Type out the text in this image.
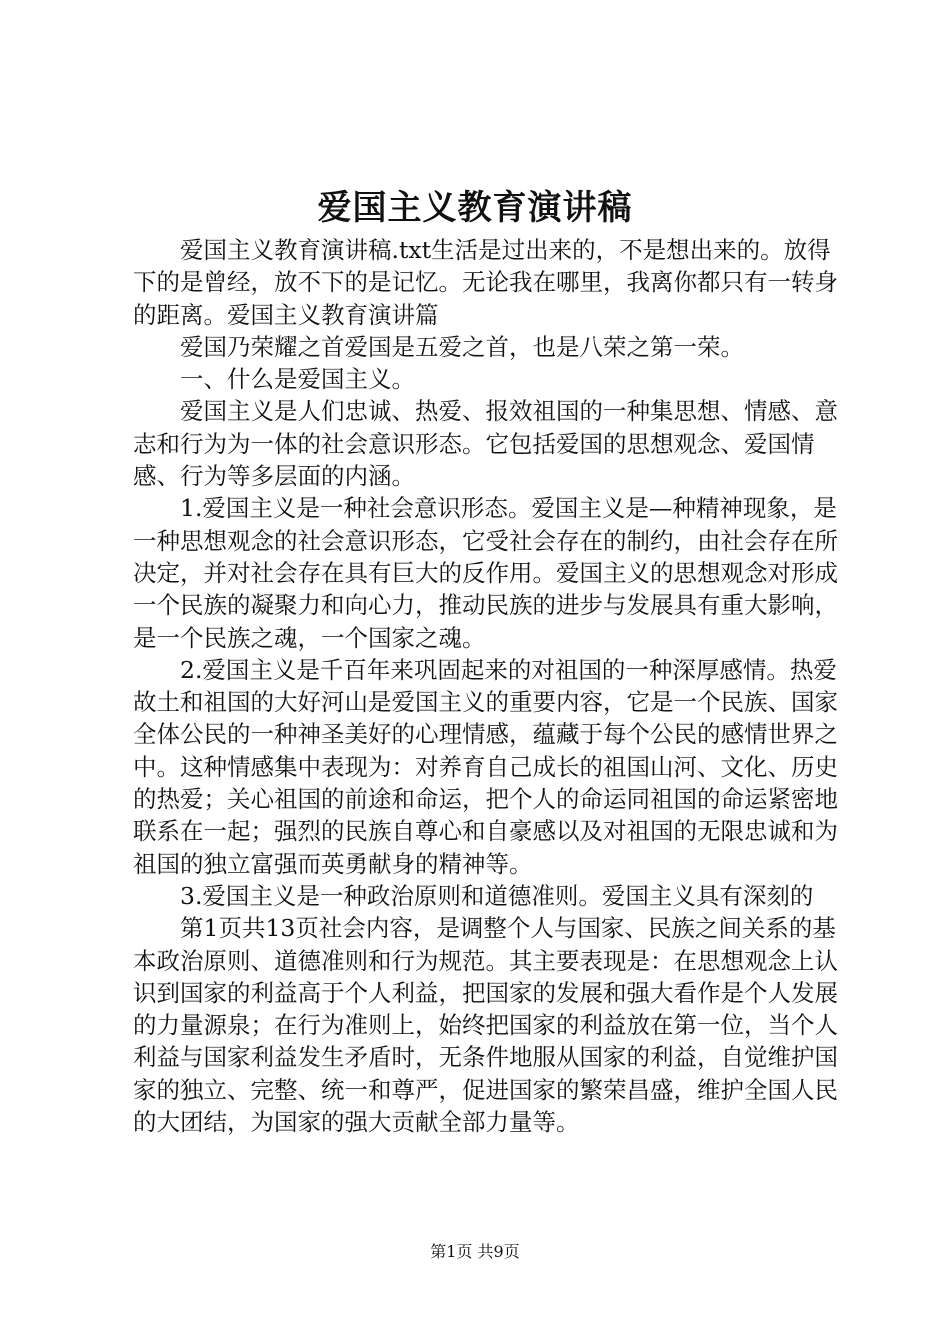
爱国主义教育演讲稿

爱国主义教育演讲稿.txt生活是过出来的，不是想出来的。放得下的是曾经，放不下的是记忆。无论我在哪里，我离你都只有一转身的距离。爱国主义教育演讲篇

爱国乃荣耀之首爱国是五爱之首，也是八荣之第一荣。

一、什么是爱国主义。

爱国主义是人们忠诚、热爱、报效祖国的一种集思想、情感、意志和行为为一体的社会意识形态。它包括爱国的思想观念、爱国情感、行为等多层面的内涵。

1.爱国主义是一种社会意识形态。爱国主义是—种精神现象，是一种思想观念的社会意识形态，它受社会存在的制约，由社会存在所决定，并对社会存在具有巨大的反作用。爱国主义的思想观念对形成一个民族的凝聚力和向心力，推动民族的进步与发展具有重大影响，是一个民族之魂，一个国家之魂。

2.爱国主义是千百年来巩固起来的对祖国的一种深厚感情。热爱故土和祖国的大好河山是爱国主义的重要内容，它是一个民族、国家全体公民的一种神圣美好的心理情感，蕴藏于每个公民的感情世界之中。这种情感集中表现为：对养育自己成长的祖国山河、文化、历史的热爱；关心祖国的前途和命运，把个人的命运同祖国的命运紧密地联系在一起；强烈的民族自尊心和自豪感以及对祖国的无限忠诚和为祖国的独立富强而英勇献身的精神等。

3.爱国主义是一种政治原则和道德准则。爱国主义具有深刻的

第1页共13页社会内容，是调整个人与国家、民族之间关系的基本政治原则、道德准则和行为规范。其主要表现是：在思想观念上认识到国家的利益高于个人利益，把国家的发展和强大看作是个人发展的力量源泉；在行为准则上，始终把国家的利益放在第一位，当个人利益与国家利益发生矛盾时，无条件地服从国家的利益，自觉维护国家的独立、完整、统一和尊严，促进国家的繁荣昌盛，维护全国人民的大团结，为国家的强大贡献全部力量等。

第1页 共9页
